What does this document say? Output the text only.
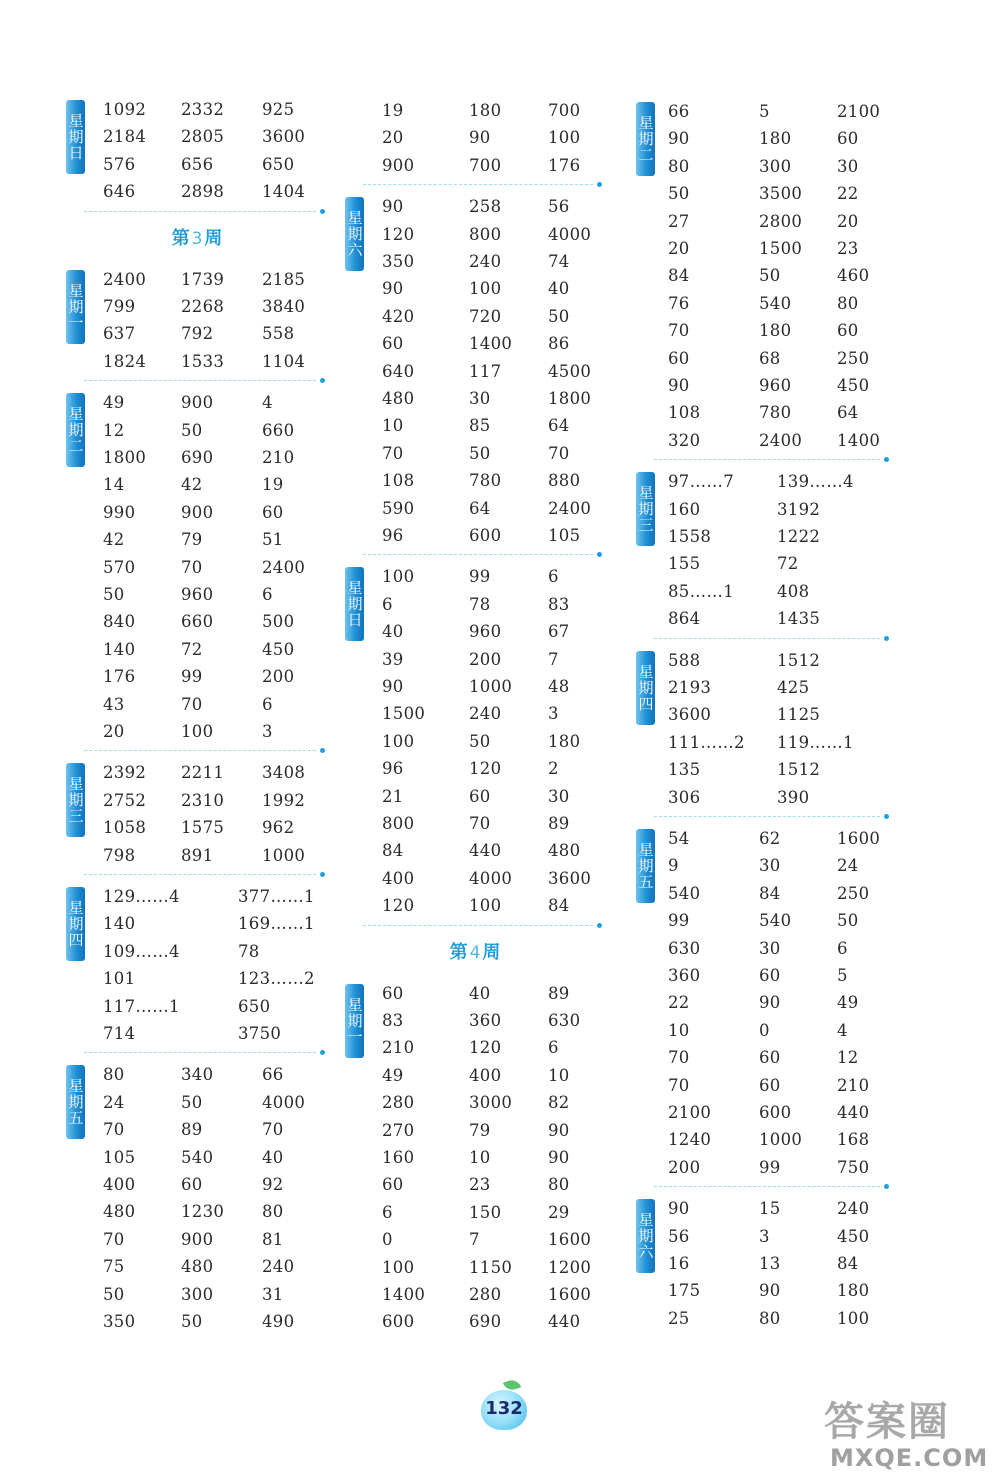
星期日
1092 2332 925
2184 2805 3600
576	656	650
646	2898 1404
第 3 周
星期一
2400 1739 2185
799	2268 3840
637	792	558
1824 1533 1104
星期二
49	900	4
12	50	660
1800 690	210
14	42	19
990	900	60
42	79	51
570	70	2400
50	960	6
840	660	500
140	72	450
176	99	200
43	70	6
20	100	3
星期三
2392 2211 3408
2752 2310 1992
1058 1575 962
798	891	1000
星期四
129……4	377……1
140	169……1
109……4	78
101	123……2
117……1	650
714	3750
星期五
80	340	66
24	50	4000
70	89	70
105	540	40
400	60	92
480	1230 80
70	900	81
75	480	240
50	300	31
350	50	490
19	180	700
20	90	100
900	700	176
星期六
90	258	56
120	800	4000
350	240	74
90	100	40
420	720	50
60	1400 86
640	117	4500
480	30	1800
10	85	64
70	50	70
108	780	880
590	64	2400
96	600	105
星期日
100	99	6
6	78	83
40	960	67
39	200	7
90	1000 48
1500	240	3
100	50	180
96	120	2
21	60	30
800	70	89
84	440	480
400	4000 3600
120	100	84
第 4 周
星期一
60	40	89
83	360	630
210	120	6
49	400	10
280	3000 82
270	79	90
160	10	90
60	23	80
6	150	29
0	7	1600
100	1150 1200
1400	280	1600
600	690	440
星期二
66	5	2100
90	180	60
80	300	30
50	3500 22
27	2800 20
20	1500 23
84	50	460
76	540	80
70	180	60
60	68	250
90	960	450
108	780	64
320	2400 1400
星期三
97……7	139……4
160	3192
1558	1222
155	72
85……1	408
864	1435
星期四
588	1512
2193	425
3600	1125
111……2 119……1
135	1512
306	390
星期五
54	62	1600
9	30	24
540	84	250
99	540	50
630	30	6
360	60	5
22	90	49
10	0	4
70	60	12
70	60	210
2100	600	440
1240	1000 168
200	99	750
星期六
90	15	240
56	3	450
16	13	84
175	90	180
25	80	100
132	答案圈
MXQE.COM
